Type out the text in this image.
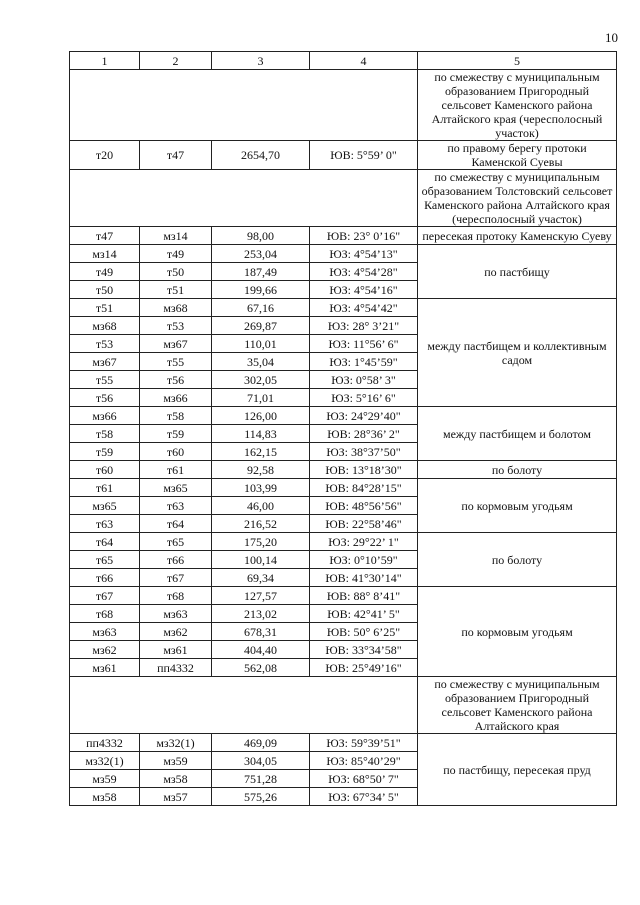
10
1	2	3	4	5
				по смежеству с муниципальным образованием Пригородный сельсовет Каменского района Алтайского края (чересполосный участок)
т20	т47	2654,70	ЮВ: 5°59’ 0"	по правому берегу протоки Каменской Суевы
				по смежеству с муниципальным образованием Толстовский сельсовет Каменского района Алтайского края (чересполосный участок)
т47	мз14	98,00	ЮВ: 23° 0’16"	пересекая протоку Каменскую Суеву
мз14	т49	253,04	ЮЗ: 4°54’13"	по пастбищу
т49	т50	187,49	ЮЗ: 4°54’28"	
т50	т51	199,66	ЮЗ: 4°54’16"	
т51	мз68	67,16	ЮЗ: 4°54’42"	между пастбищем и коллективным садом
мз68	т53	269,87	ЮЗ: 28° 3’21"	
т53	мз67	110,01	ЮЗ: 11°56’ 6"	
мз67	т55	35,04	ЮЗ: 1°45’59"	
т55	т56	302,05	ЮЗ: 0°58’ 3"	
т56	мз66	71,01	ЮЗ: 5°16’ 6"	
мз66	т58	126,00	ЮЗ: 24°29’40"	между пастбищем и болотом
т58	т59	114,83	ЮВ: 28°36’ 2"	
т59	т60	162,15	ЮЗ: 38°37’50"	
т60	т61	92,58	ЮВ: 13°18’30"	по болоту
т61	мз65	103,99	ЮВ: 84°28’15"	по кормовым угодьям
мз65	т63	46,00	ЮВ: 48°56’56"	
т63	т64	216,52	ЮВ: 22°58’46"	
т64	т65	175,20	ЮЗ: 29°22’ 1"	по болоту
т65	т66	100,14	ЮЗ: 0°10’59"	
т66	т67	69,34	ЮВ: 41°30’14"	
т67	т68	127,57	ЮВ: 88° 8’41"	по кормовым угодьям
т68	мз63	213,02	ЮВ: 42°41’ 5"	
мз63	мз62	678,31	ЮВ: 50° 6’25"	
мз62	мз61	404,40	ЮВ: 33°34’58"	
мз61	пп4332	562,08	ЮВ: 25°49’16"	
				по смежеству с муниципальным образованием Пригородный сельсовет Каменского района Алтайского края
пп4332	мз32(1)	469,09	ЮЗ: 59°39’51"	по пастбищу, пересекая пруд
мз32(1)	мз59	304,05	ЮЗ: 85°40’29"	
мз59	мз58	751,28	ЮЗ: 68°50’ 7"	
мз58	мз57	575,26	ЮЗ: 67°34’ 5"	
